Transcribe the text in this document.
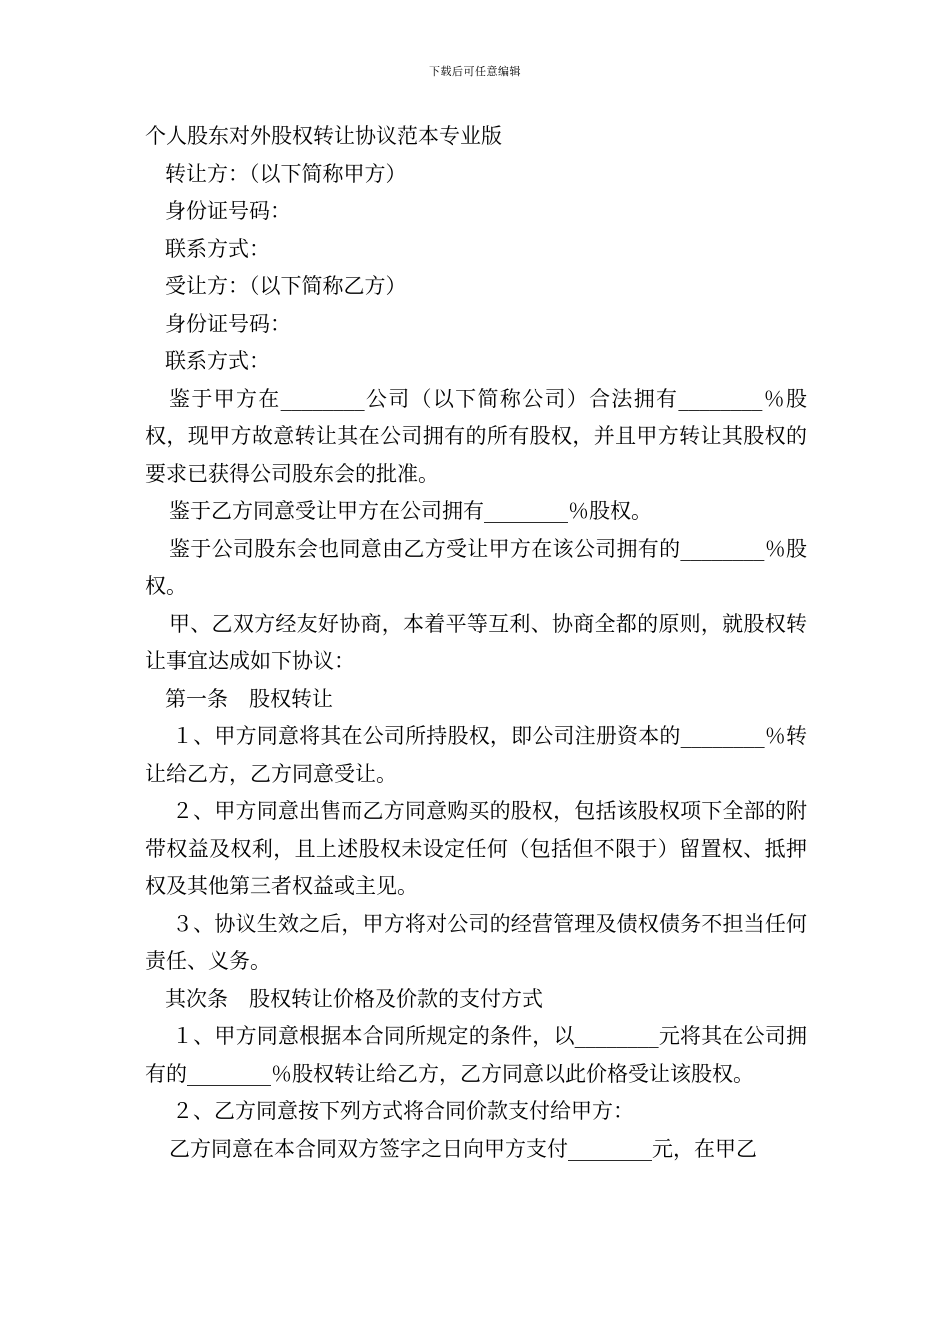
下载后可任意编辑

个人股东对外股权转让协议范本专业版

转让方：（以下简称甲方）

身份证号码：

联系方式：

受让方：（以下简称乙方）

身份证号码：

联系方式：

鉴于甲方在________公司（以下简称公司）合法拥有________％股权，现甲方故意转让其在公司拥有的所有股权，并且甲方转让其股权的要求已获得公司股东会的批准。

鉴于乙方同意受让甲方在公司拥有________％股权。

鉴于公司股东会也同意由乙方受让甲方在该公司拥有的________％股权。

甲、乙双方经友好协商，本着平等互利、协商全都的原则，就股权转让事宜达成如下协议：

第一条　股权转让

１、甲方同意将其在公司所持股权，即公司注册资本的________％转让给乙方，乙方同意受让。

２、甲方同意出售而乙方同意购买的股权，包括该股权项下全部的附带权益及权利，且上述股权未设定任何（包括但不限于）留置权、抵押权及其他第三者权益或主见。

３、协议生效之后，甲方将对公司的经营管理及债权债务不担当任何责任、义务。

其次条　股权转让价格及价款的支付方式

１、甲方同意根据本合同所规定的条件，以________元将其在公司拥有的________％股权转让给乙方，乙方同意以此价格受让该股权。

２、乙方同意按下列方式将合同价款支付给甲方：

乙方同意在本合同双方签字之日向甲方支付________元，在甲乙
